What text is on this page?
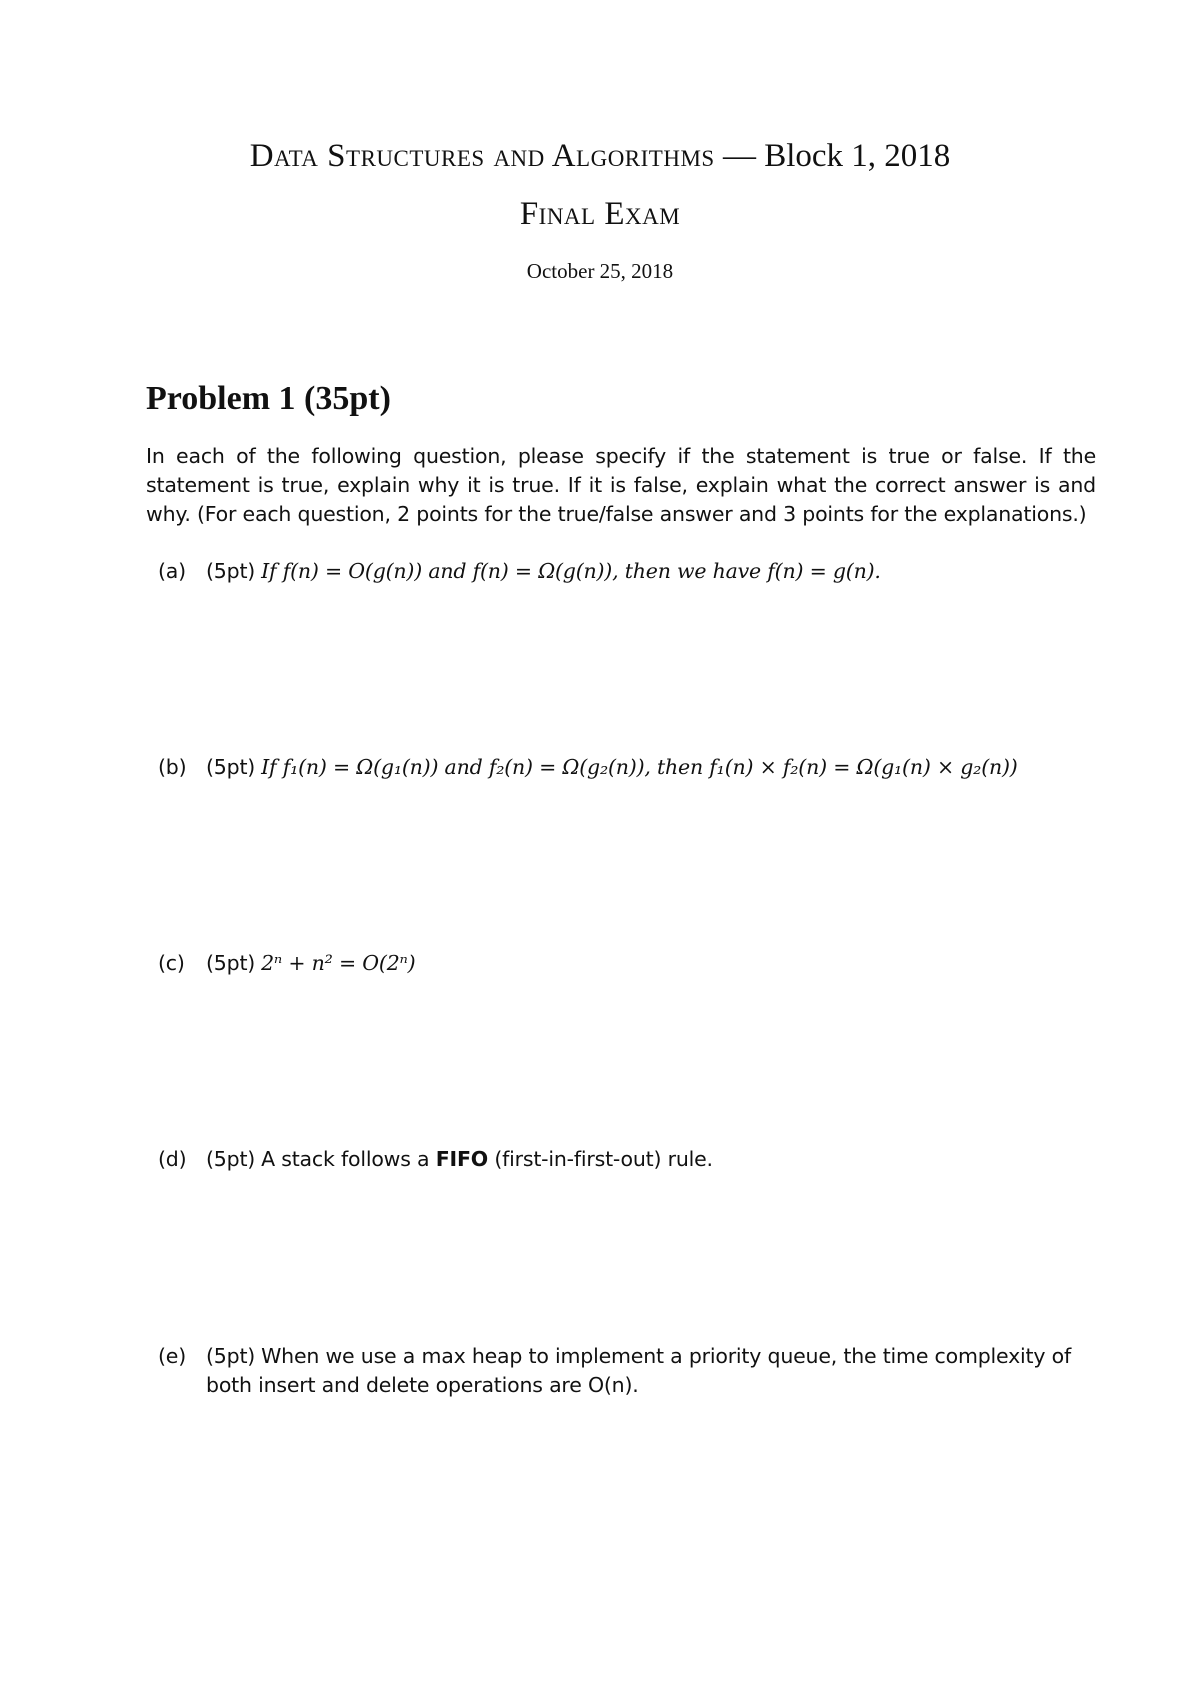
Data Structures and Algorithms — Block 1, 2018
Final Exam
October 25, 2018
Problem 1 (35pt)
In each of the following question, please specify if the statement is true or false. If the statement is true, explain why it is true. If it is false, explain what the correct answer is and why. (For each question, 2 points for the true/false answer and 3 points for the explanations.)
(a) (5pt) If f(n) = O(g(n)) and f(n) = Ω(g(n)), then we have f(n) = g(n).
(b) (5pt) If f₁(n) = Ω(g₁(n)) and f₂(n) = Ω(g₂(n)), then f₁(n) × f₂(n) = Ω(g₁(n) × g₂(n))
(c)	(5pt) 2ⁿ + n² = O(2ⁿ)
(d) (5pt) A stack follows a FIFO (first-in-first-out) rule.
(e) (5pt) When we use a max heap to implement a priority queue, the time complexity of both insert and delete operations are O(n).
